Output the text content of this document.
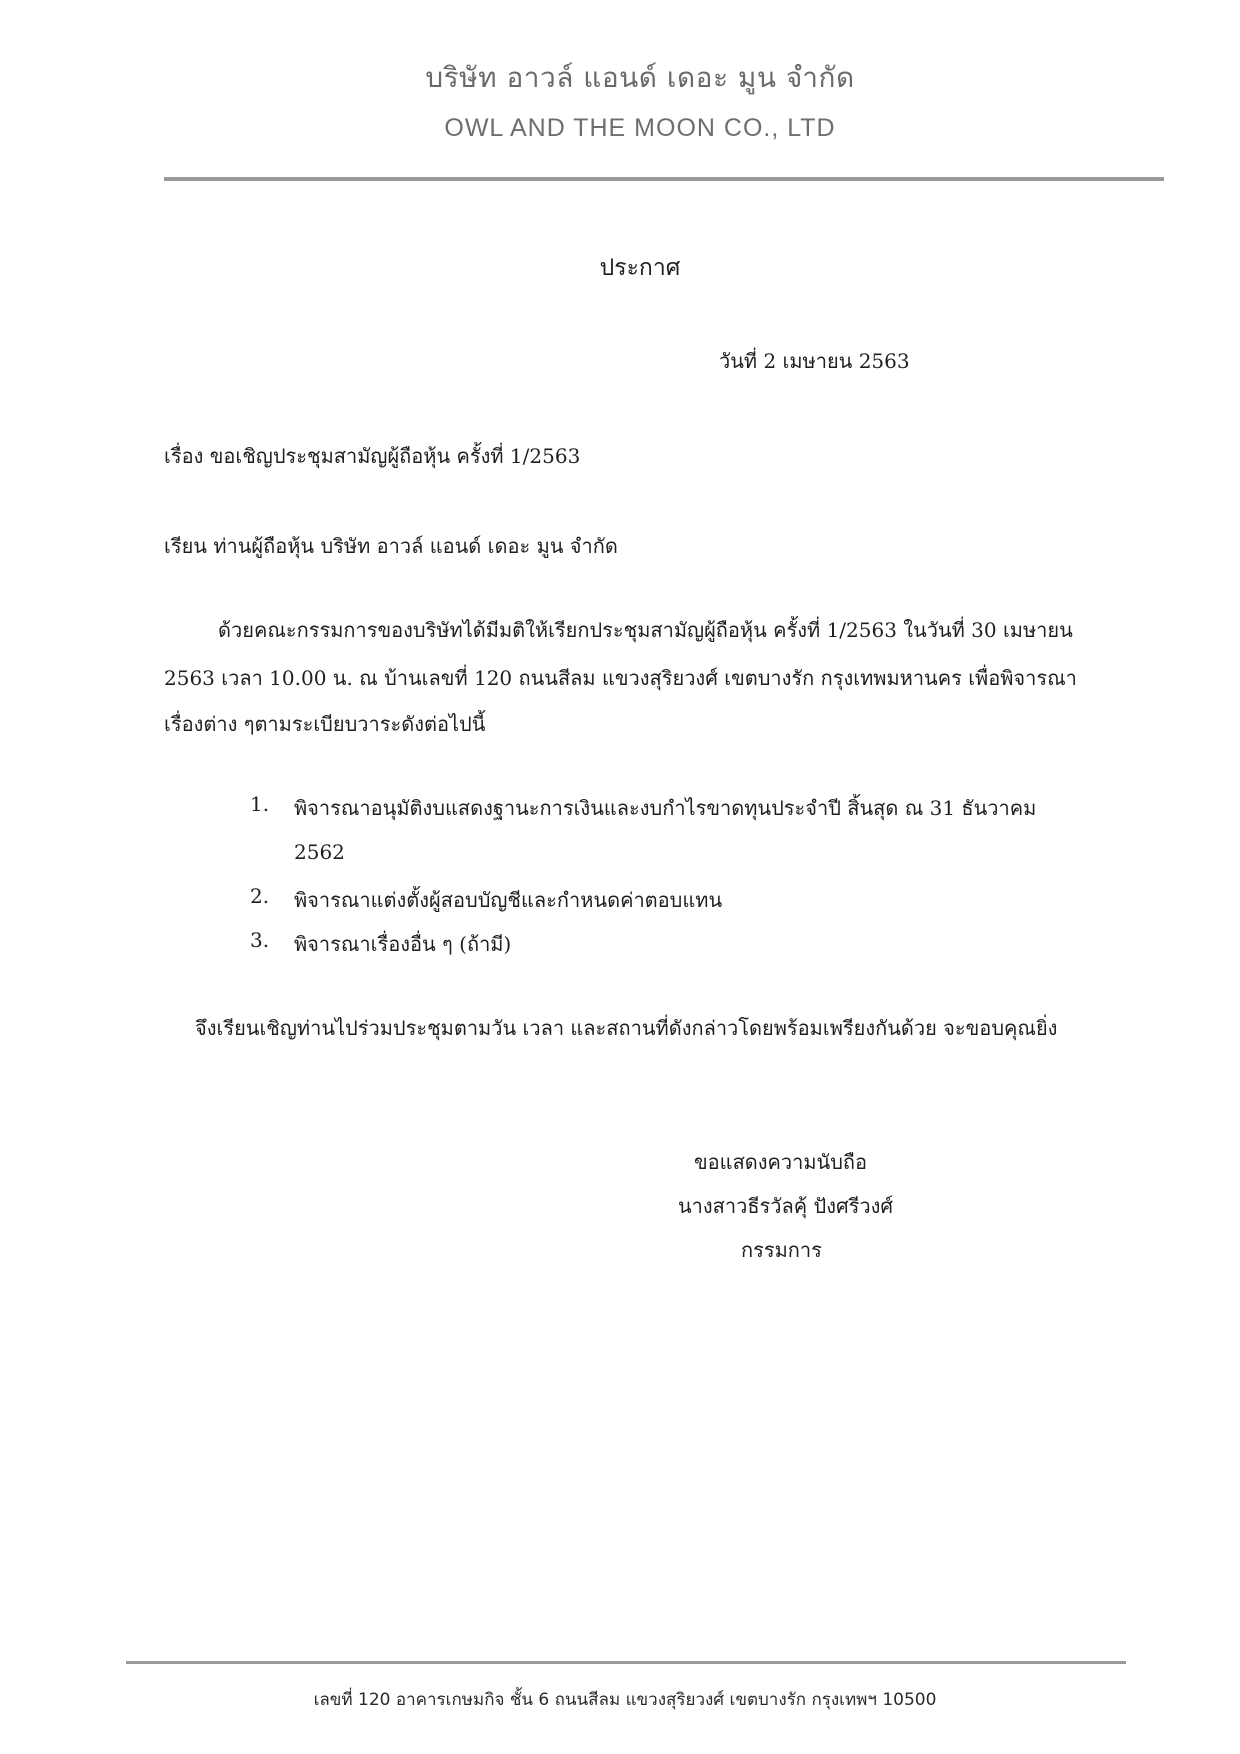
บริษัท อาวล์ แอนด์ เดอะ มูน จำกัด
OWL AND THE MOON CO., LTD
ประกาศ
วันที่ 2 เมษายน 2563
เรื่อง ขอเชิญประชุมสามัญผู้ถือหุ้น ครั้งที่ 1/2563
เรียน ท่านผู้ถือหุ้น บริษัท อาวล์ แอนด์ เดอะ มูน จำกัด
ด้วยคณะกรรมการของบริษัทได้มีมติให้เรียกประชุมสามัญผู้ถือหุ้น ครั้งที่ 1/2563 ในวันที่ 30 เมษายน
2563 เวลา 10.00 น. ณ บ้านเลขที่ 120 ถนนสีลม แขวงสุริยวงศ์ เขตบางรัก กรุงเทพมหานคร เพื่อพิจารณา
เรื่องต่าง ๆตามระเบียบวาระดังต่อไปนี้
1. พิจารณาอนุมัติงบแสดงฐานะการเงินและงบกำไรขาดทุนประจำปี สิ้นสุด ณ 31 ธันวาคม
2562
2. พิจารณาแต่งตั้งผู้สอบบัญชีและกำหนดค่าตอบแทน
3. พิจารณาเรื่องอื่น ๆ (ถ้ามี)
จึงเรียนเชิญท่านไปร่วมประชุมตามวัน เวลา และสถานที่ดังกล่าวโดยพร้อมเพรียงกันด้วย จะขอบคุณยิ่ง
ขอแสดงความนับถือ
นางสาวธีรวัลคุ้ ปังศรีวงศ์
กรรมการ
เลขที่ 120 อาคารเกษมกิจ ชั้น 6 ถนนสีลม แขวงสุริยวงศ์ เขตบางรัก กรุงเทพฯ 10500
